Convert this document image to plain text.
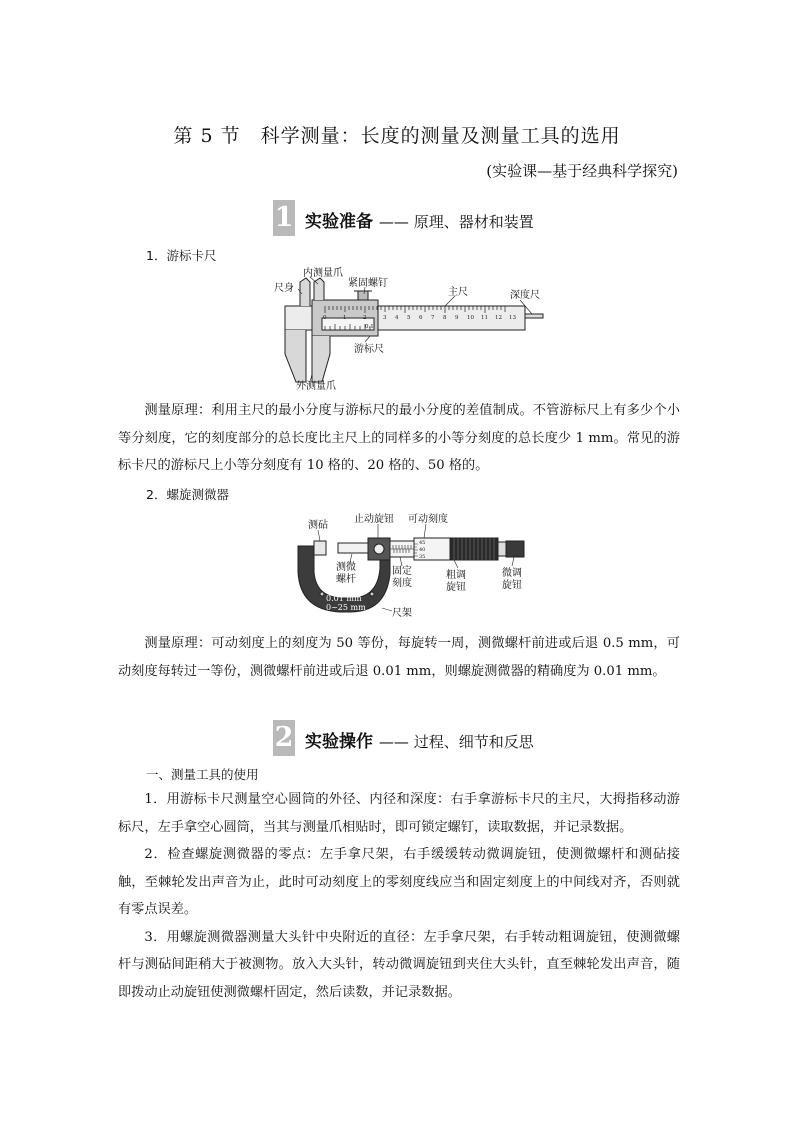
第 5 节　科学测量：长度的测量及测量工具的选用
(实验课—基于经典科学探究)
1 实验准备 —— 原理、器材和装置
1．游标卡尺
0	1	2	3 4 5 6 7 8 9 10 11 12 13
0.1
内测量爪
尺身	紧固螺钉
主尺	深度尺
游标尺
外测量爪

测量原理：利用主尺的最小分度与游标尺的最小分度的差值制成。不管游标尺上有多少个小等分刻度，它的刻度部分的总长度比主尺上的同样多的小等分刻度的总长度少 1 mm。常见的游标卡尺的游标尺上小等分刻度有 10 格的、20 格的、50 格的。

2．螺旋测微器
45
40
35
0.01 mm
0~25 mm
测砧
止动旋钮 可动刻度
测微
螺杆
固定
刻度
粗调
旋钮
微调
旋钮
尺架

测量原理：可动刻度上的刻度为 50 等份，每旋转一周，测微螺杆前进或后退 0.5 mm，可动刻度每转过一等份，测微螺杆前进或后退 0.01 mm，则螺旋测微器的精确度为 0.01 mm。

2 实验操作 —— 过程、细节和反思
一、测量工具的使用

1．用游标卡尺测量空心圆筒的外径、内径和深度：右手拿游标卡尺的主尺，大拇指移动游标尺，左手拿空心圆筒，当其与测量爪相贴时，即可锁定螺钉，读取数据，并记录数据。

2．检查螺旋测微器的零点：左手拿尺架，右手缓缓转动微调旋钮，使测微螺杆和测砧接触，至棘轮发出声音为止，此时可动刻度上的零刻度线应当和固定刻度上的中间线对齐，否则就有零点误差。

3．用螺旋测微器测量大头针中央附近的直径：左手拿尺架，右手转动粗调旋钮，使测微螺杆与测砧间距稍大于被测物。放入大头针，转动微调旋钮到夹住大头针，直至棘轮发出声音，随即拨动止动旋钮使测微螺杆固定，然后读数，并记录数据。
